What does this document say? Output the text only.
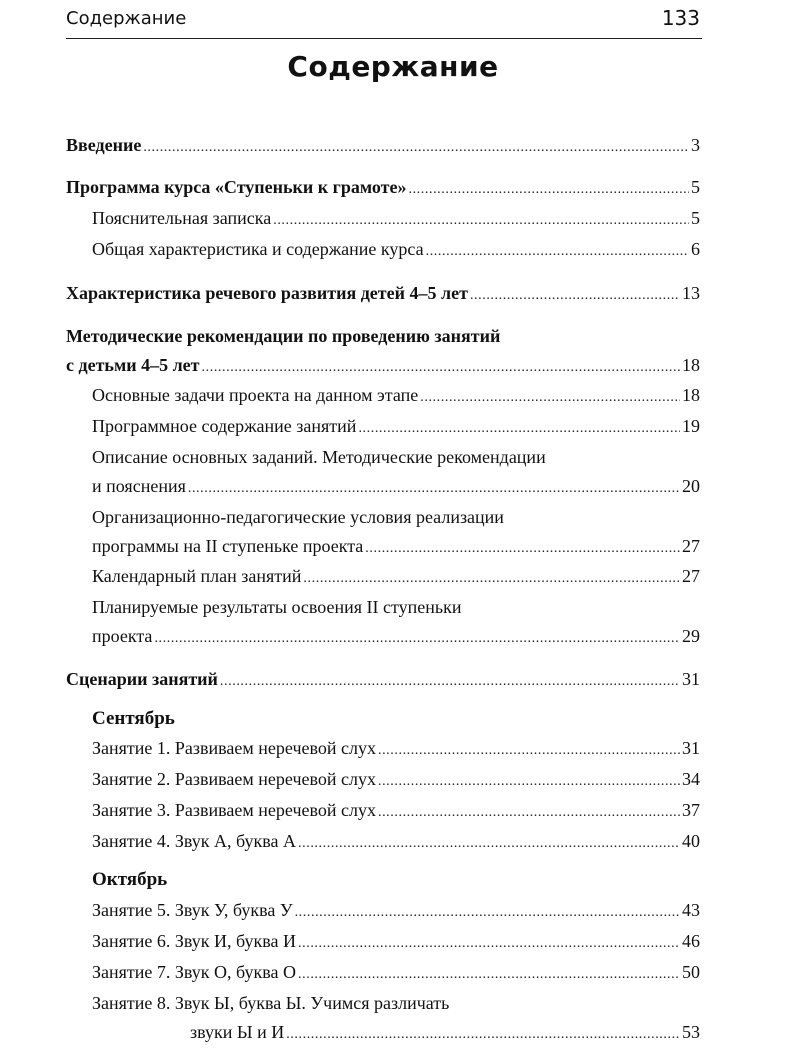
Содержание	133
Содержание
Введение .....	3
Программа курса «Ступеньки к грамоте» .....	5
Пояснительная записка .....	5
Общая характеристика и содержание курса .....	6
Характеристика речевого развития детей 4–5 лет .....	13
Методические рекомендации по проведению занятий
с детьми 4–5 лет .....	18
Основные задачи проекта на данном этапе .....	18
Программное содержание занятий .....	19
Описание основных заданий. Методические рекомендации
и пояснения .....	20
Организационно-педагогические условия реализации
программы на II ступеньке проекта .....	27
Календарный план занятий .....	27
Планируемые результаты освоения II ступеньки
проекта .....	29
Сценарии занятий .....	31
Сентябрь
Занятие 1. Развиваем неречевой слух .....	31
Занятие 2. Развиваем неречевой слух .....	34
Занятие 3. Развиваем неречевой слух .....	37
Занятие 4. Звук А, буква А .....	40
Октябрь
Занятие 5. Звук У, буква У .....	43
Занятие 6. Звук И, буква И .....	46
Занятие 7. Звук О, буква О .....	50
Занятие 8. Звук Ы, буква Ы. Учимся различать
звуки Ы и И .....	53
